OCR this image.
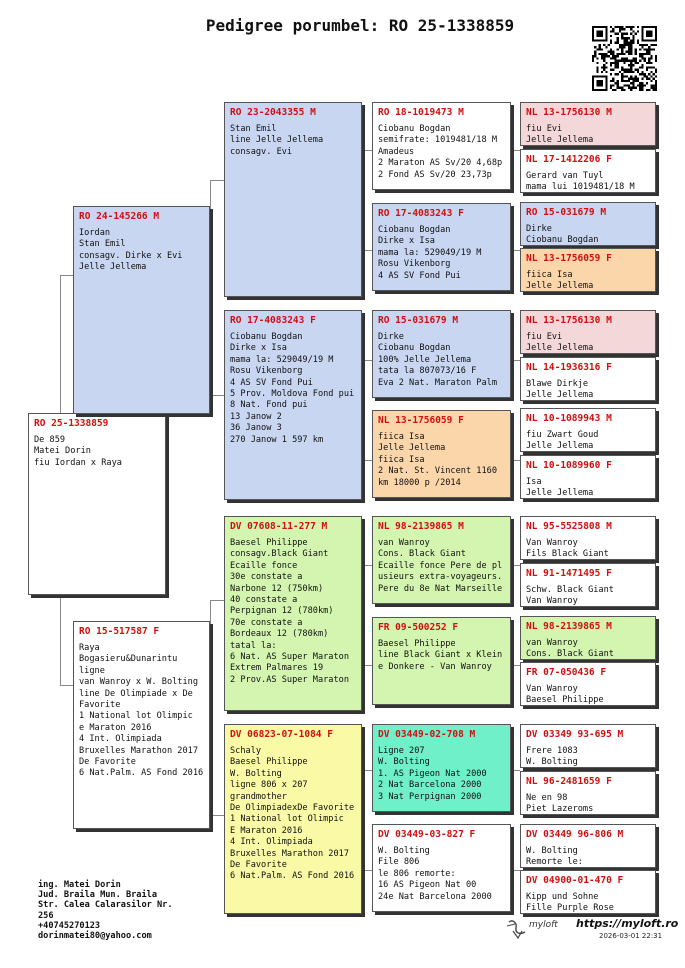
Pedigree porumbel: RO 25-1338859
RO 25-1338859
De 859
Matei Dorin
fiu Iordan x Raya
RO 24-145266 M
Iordan
Stan Emil
consagv. Dirke x Evi
Jelle Jellema
RO 15-517587 F
Raya
Bogasieru&Dunarintu
ligne
van Wanroy x W. Bolting
line De Olimpiade x De
Favorite
1 National lot Olimpic
e Maraton 2016
4 Int. Olimpiada
Bruxelles Marathon 2017
De Favorite
6 Nat.Palm. AS Fond 2016
RO 23-2043355 M
Stan Emil
line Jelle Jellema
consagv. Evi
RO 17-4083243 F
Ciobanu Bogdan
Dirke x Isa
mama la: 529049/19 M
Rosu Vikenborg
4 AS SV Fond Pui
5 Prov. Moldova Fond pui
8 Nat. Fond pui
13 Janow 2
36 Janow 3
270 Janow 1 597 km
DV 07608-11-277 M
Baesel Philippe
consagv.Black Giant
Ecaille fonce
30e constate a
Narbone 12 (750km)
40 constate a
Perpignan 12 (780km)
70e constate a
Bordeaux 12 (780km)
tatal la:
6 Nat. AS Super Maraton
Extrem Palmares 19
2 Prov.AS Super Maraton
DV 06823-07-1084 F
Schaly
Baesel Philippe
W. Bolting
ligne 806 x 207
grandmother
De OlimpiadexDe Favorite
1 National lot Olimpic
E Maraton 2016
4 Int. Olimpiada
Bruxelles Marathon 2017
De Favorite
6 Nat.Palm. AS Fond 2016
RO 18-1019473 M
Ciobanu Bogdan
semifrate: 1019481/18 M
Amadeus
2 Maraton AS Sv/20 4,68p
2 Fond AS Sv/20 23,73p
RO 17-4083243 F
Ciobanu Bogdan
Dirke x Isa
mama la: 529049/19 M
Rosu Vikenborg
4 AS SV Fond Pui
RO 15-031679 M
Dirke
Ciobanu Bogdan
100% Jelle Jellema
tata la 807073/16 F
Eva 2 Nat. Maraton Palm
NL 13-1756059 F
fiica Isa
Jelle Jellema
fiica Isa
2 Nat. St. Vincent 1160
km 18000 p /2014
NL 98-2139865 M
van Wanroy
Cons. Black Giant
Ecaille fonce Pere de pl
usieurs extra-voyageurs.
Pere du 8e Nat Marseille
FR 09-500252 F
Baesel Philippe
line Black Giant x Klein
e Donkere - Van Wanroy
DV 03449-02-708 M
Ligne 207
W. Bolting
1. AS Pigeon Nat 2000
2 Nat Barcelona 2000
3 Nat Perpignan 2000
DV 03449-03-827 F
W. Bolting
File 806
le 806 remorte:
16 AS Pigeon Nat 00
24e Nat Barcelona 2000
NL 13-1756130 M
fiu Evi
Jelle Jellema
NL 17-1412206 F
Gerard van Tuyl
mama lui 1019481/18 M
RO 15-031679 M
Dirke
Ciobanu Bogdan
NL 13-1756059 F
fiica Isa
Jelle Jellema
NL 13-1756130 M
fiu Evi
Jelle Jellema
NL 14-1936316 F
Blawe Dirkje
Jelle Jellema
NL 10-1089943 M
fiu Zwart Goud
Jelle Jellema
NL 10-1089960 F
Isa
Jelle Jellema
NL 95-5525808 M
Van Wanroy
Fils Black Giant
NL 91-1471495 F
Schw. Black Giant
Van Wanroy
NL 98-2139865 M
van Wanroy
Cons. Black Giant
FR 07-050436 F
Van Wanroy
Baesel Philippe
DV 03349 93-695 M
Frere 1083
W. Bolting
NL 96-2481659 F
Ne en 98
Piet Lazeroms
DV 03449 96-806 M
W. Bolting
Remorte le:
DV 04900-01-470 F
Kipp und Sohne
Fille Purple Rose
ing. Matei Dorin
Jud. Braila Mun. Braila
Str. Calea Calarasilor Nr.
256
+40745270123
dorinmatei80@yahoo.com
myloft https://myloft.ro
2026-03-01 22:31
